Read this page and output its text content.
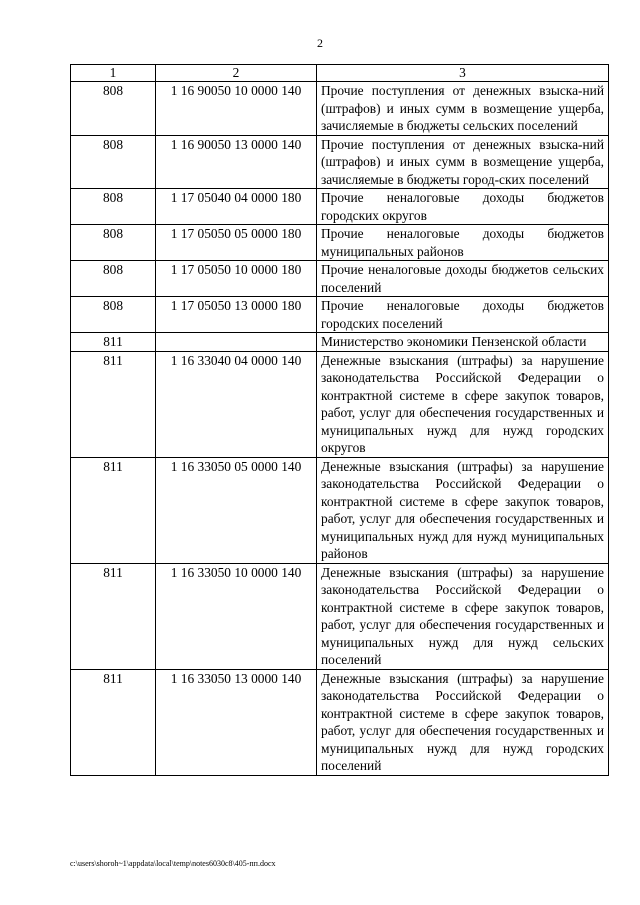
2
1	2	3
808	1 16 90050 10 0000 140	Прочие поступления от денежных взыска-ний (штрафов) и иных сумм в возмещение ущерба, зачисляемые в бюджеты сельских поселений
808	1 16 90050 13 0000 140	Прочие поступления от денежных взыска-ний (штрафов) и иных сумм в возмещение ущерба, зачисляемые в бюджеты город-ских поселений
808	1 17 05040 04 0000 180	Прочие неналоговые доходы бюджетов городских округов
808	1 17 05050 05 0000 180	Прочие неналоговые доходы бюджетов муниципальных районов
808	1 17 05050 10 0000 180	Прочие неналоговые доходы бюджетов сельских поселений
808	1 17 05050 13 0000 180	Прочие неналоговые доходы бюджетов городских поселений
811		Министерство экономики Пензенской области
811	1 16 33040 04 0000 140	Денежные взыскания (штрафы) за нарушение законодательства Российской Федерации о контрактной системе в сфере закупок товаров, работ, услуг для обеспечения государственных и муниципальных нужд для нужд городских округов
811	1 16 33050 05 0000 140	Денежные взыскания (штрафы) за нарушение законодательства Российской Федерации о контрактной системе в сфере закупок товаров, работ, услуг для обеспечения государственных и муниципальных нужд для нужд муниципальных районов
811	1 16 33050 10 0000 140	Денежные взыскания (штрафы) за нарушение законодательства Российской Федерации о контрактной системе в сфере закупок товаров, работ, услуг для обеспечения государственных и муниципальных нужд для нужд сельских поселений
811	1 16 33050 13 0000 140	Денежные взыскания (штрафы) за нарушение законодательства Российской Федерации о контрактной системе в сфере закупок товаров, работ, услуг для обеспечения государственных и муниципальных нужд для нужд городских поселений
c:\users\shoroh~1\appdata\local\temp\notes6030c8\405-пп.docx
